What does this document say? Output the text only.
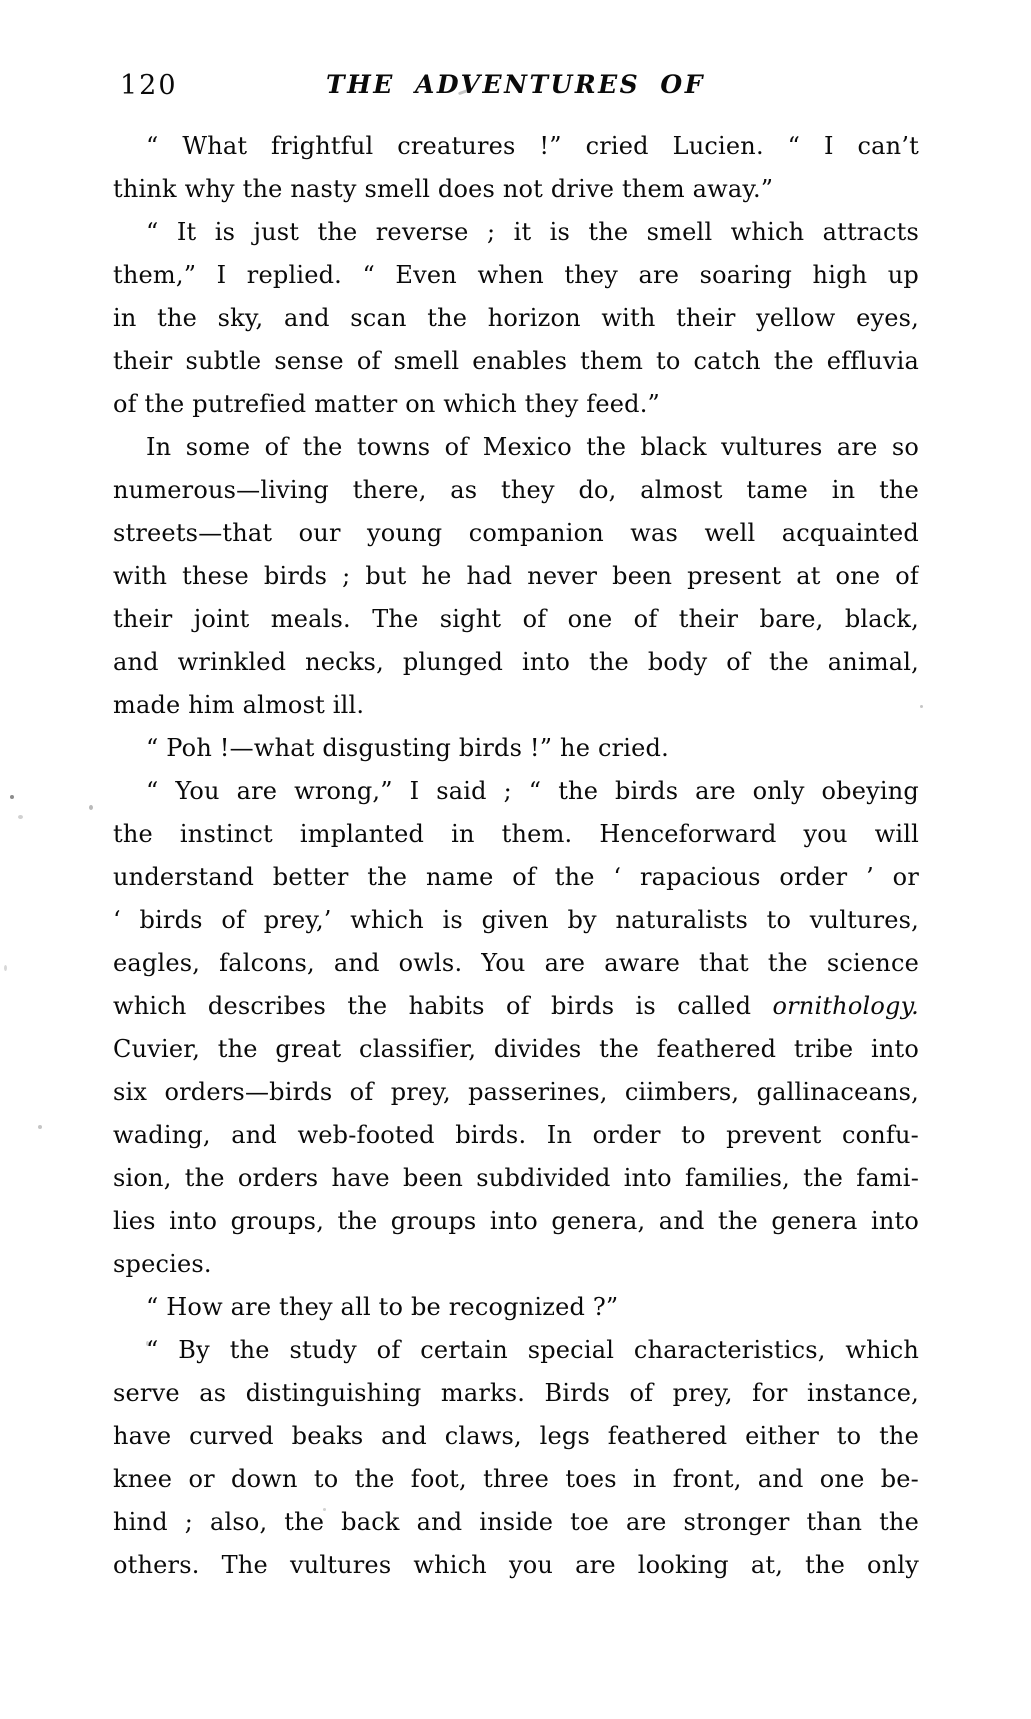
120	THE ADVENTURES OF
“ What frightful creatures !” cried Lucien. “ I can’t
think why the nasty smell does not drive them away.”
“ It is just the reverse ; it is the smell which attracts
them,” I replied. “ Even when they are soaring high up
in the sky, and scan the horizon with their yellow eyes,
their subtle sense of smell enables them to catch the effluvia
of the putrefied matter on which they feed.”
In some of the towns of Mexico the black vultures are so
numerous—living there, as they do, almost tame in the
streets—that our young companion was well acquainted
with these birds ; but he had never been present at one of
their joint meals. The sight of one of their bare, black,
and wrinkled necks, plunged into the body of the animal,
made him almost ill.
“ Poh !—what disgusting birds !” he cried.
“ You are wrong,” I said ; “ the birds are only obeying
the instinct implanted in them. Henceforward you will
understand better the name of the ‘ rapacious order ’ or
‘ birds of prey,’ which is given by naturalists to vultures,
eagles, falcons, and owls. You are aware that the science
which describes the habits of birds is called ornithology.
Cuvier, the great classifier, divides the feathered tribe into
six orders—birds of prey, passerines, ciimbers, gallinaceans,
wading, and web-footed birds. In order to prevent confu-
sion, the orders have been subdivided into families, the fami-
lies into groups, the groups into genera, and the genera into
species.
“ How are they all to be recognized ?”
“ By the study of certain special characteristics, which
serve as distinguishing marks. Birds of prey, for instance,
have curved beaks and claws, legs feathered either to the
knee or down to the foot, three toes in front, and one be-
hind ; also, the back and inside toe are stronger than the
others. The vultures which you are looking at, the only
